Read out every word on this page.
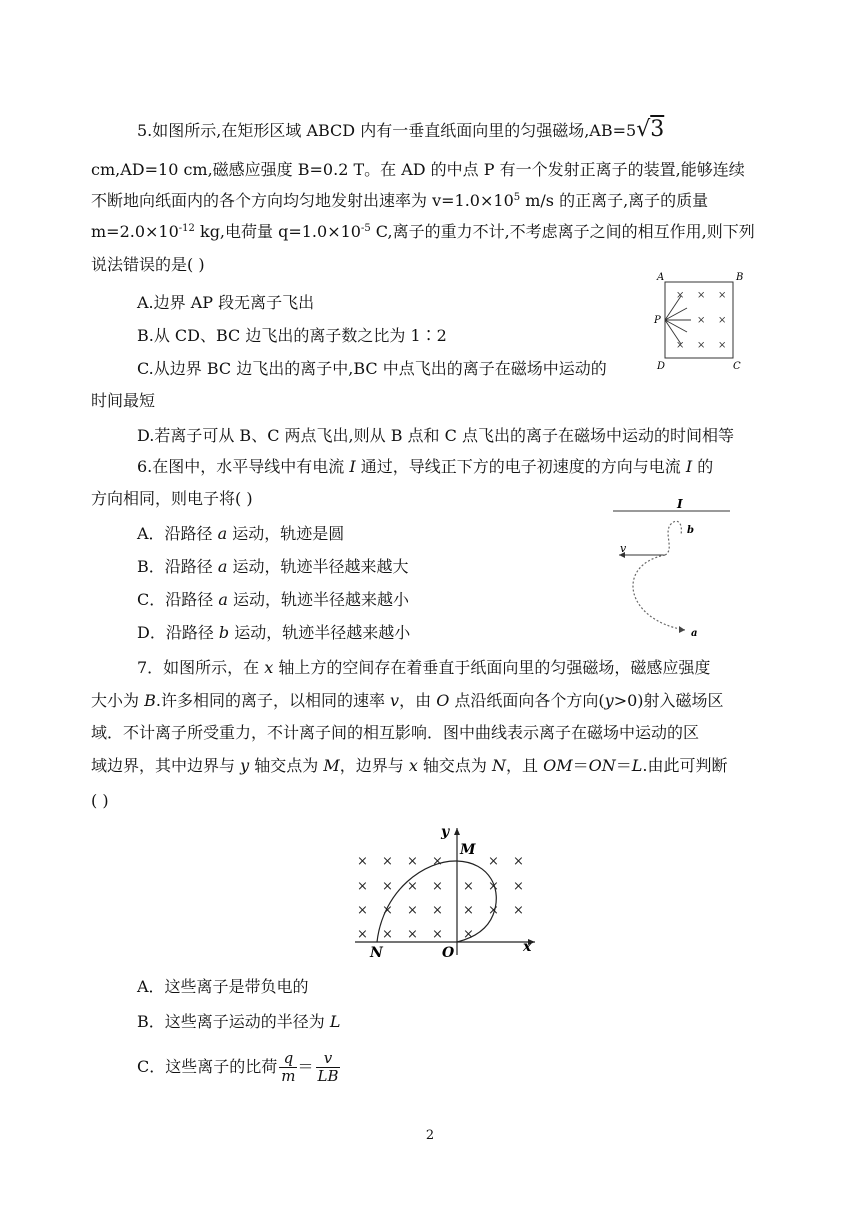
5.如图所示,在矩形区域 ABCD 内有一垂直纸面向里的匀强磁场,AB=5√3
cm,AD=10 cm,磁感应强度 B=0.2 T。在 AD 的中点 P 有一个发射正离子的装置,能够连续
不断地向纸面内的各个方向均匀地发射出速率为 $v=1.0\times 10^5$ m/s 的正离子,离子的质量
$m=2.0\times 10^{-12}$ kg,电荷量 $q=1.0\times 10^{-5}$ C,离子的重力不计,不考虑离子之间的相互作用,则下列
说法错误的是( )
A.边界 AP 段无离子飞出
B.从 CD、BC 边飞出的离子数之比为 1∶2
C.从边界 BC 边飞出的离子中,BC 中点飞出的离子在磁场中运动的
时间最短
D.若离子可从 B、C 两点飞出,则从 B 点和 C 点飞出的离子在磁场中运动的时间相等
A	B
D	C
P
× × ×
× ×
× × ×
6.在图中，水平导线中有电流 I 通过，导线正下方的电子初速度的方向与电流 I 的
方向相同，则电子将( )
A．沿路径 a 运动，轨迹是圆
B．沿路径 a 运动，轨迹半径越来越大
C．沿路径 a 运动，轨迹半径越来越小
D．沿路径 b 运动，轨迹半径越来越小
I
v
b
a
7．如图所示，在 x 轴上方的空间存在着垂直于纸面向里的匀强磁场，磁感应强度
大小为 B.许多相同的离子，以相同的速率 v，由 O 点沿纸面向各个方向(y>0)射入磁场区
域．不计离子所受重力，不计离子间的相互影响．图中曲线表示离子在磁场中运动的区
域边界，其中边界与 y 轴交点为 M，边界与 x 轴交点为 N，且 OM＝ON＝L.由此可判断
( )
x
y
M
N	O
× × × ×	× ×
× × × × × × ×
× × × × × × ×
× × × × ×
A．这些离子是带负电的
B．这些离子运动的半径为 L
C．这些离子的比荷 $\frac{q}{m} = \frac{v}{LB}$
2
